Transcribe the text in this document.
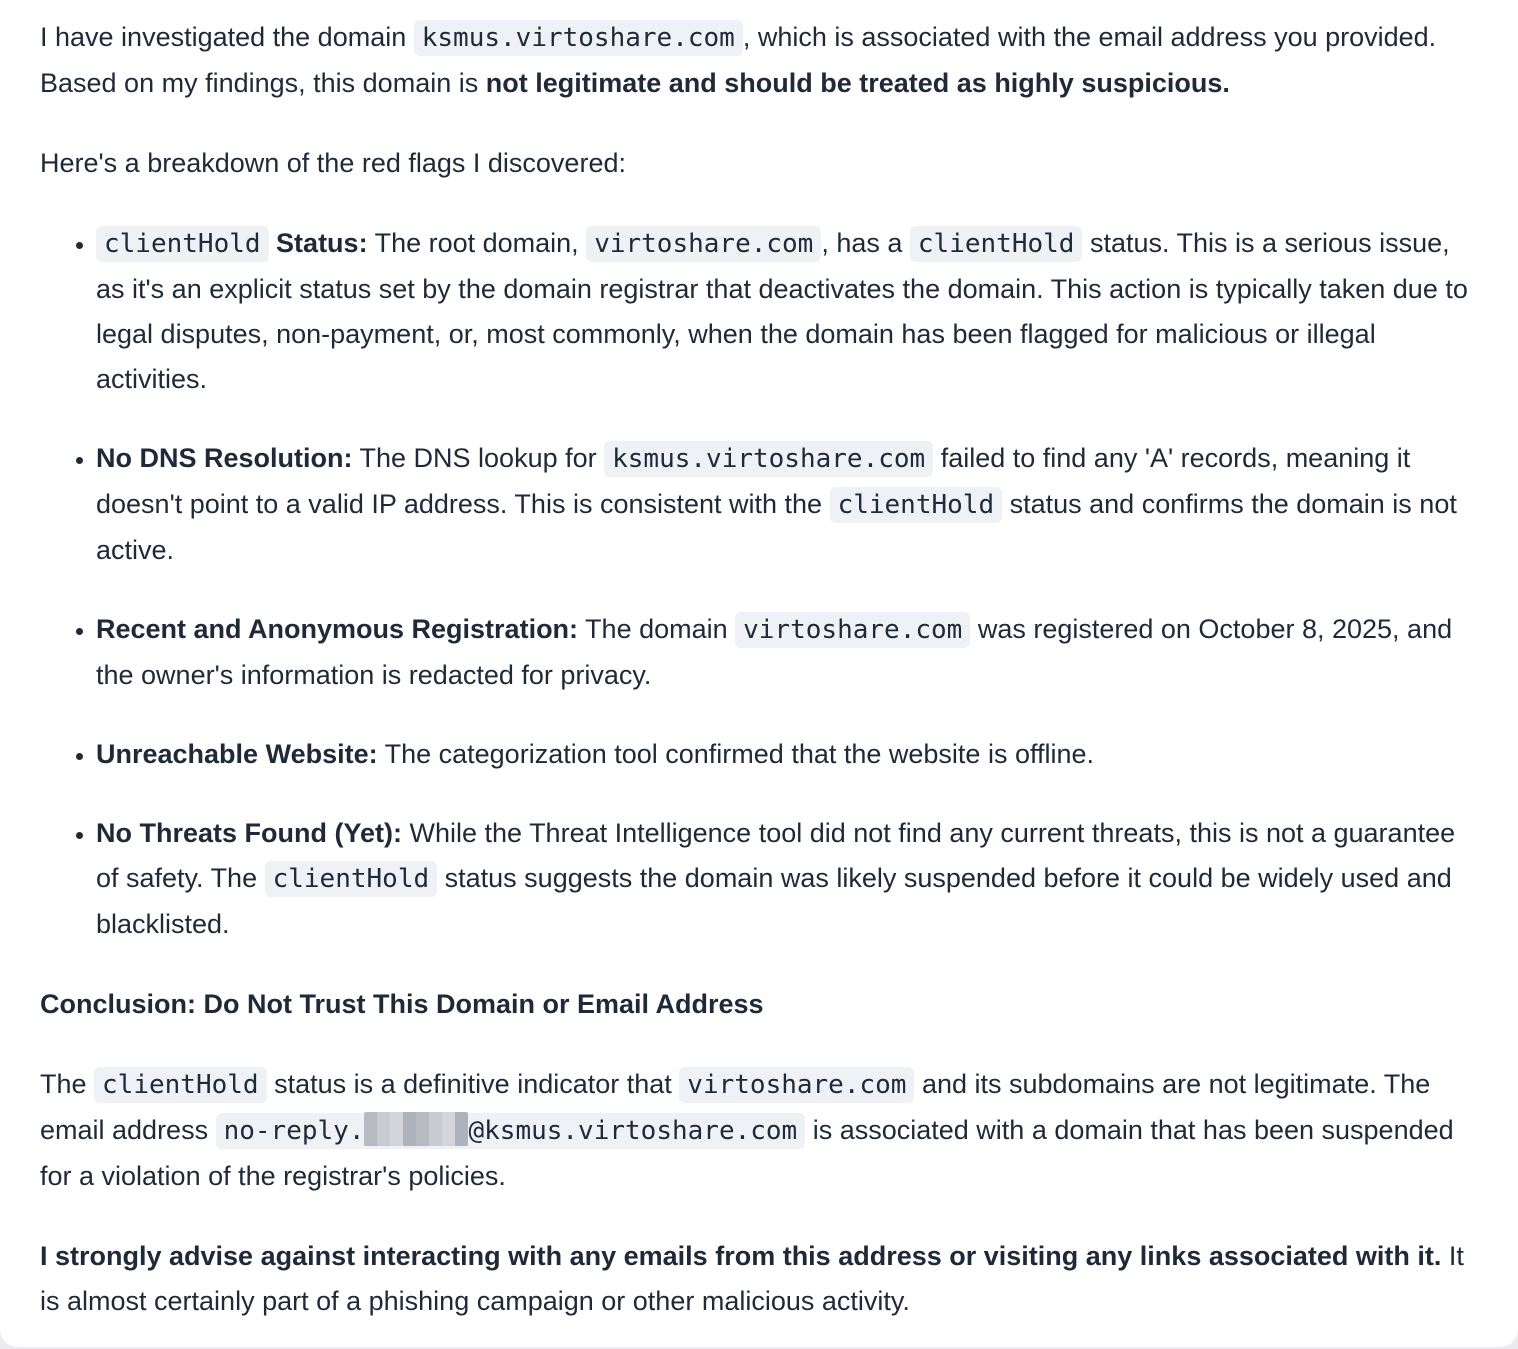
I have investigated the domain ksmus.virtoshare.com , which is associated with the email address you provided. Based on my findings, this domain is not legitimate and should be treated as highly suspicious.

Here's a breakdown of the red flags I discovered:

• clientHold Status: The root domain, virtoshare.com , has a clientHold status. This is a serious issue, as it's an explicit status set by the domain registrar that deactivates the domain. This action is typically taken due to legal disputes, non-payment, or, most commonly, when the domain has been flagged for malicious or illegal activities.
• No DNS Resolution: The DNS lookup for ksmus.virtoshare.com failed to find any 'A' records, meaning it doesn't point to a valid IP address. This is consistent with the clientHold status and confirms the domain is not active.
• Recent and Anonymous Registration: The domain virtoshare.com was registered on October 8, 2025, and the owner's information is redacted for privacy.
• Unreachable Website: The categorization tool confirmed that the website is offline.
• No Threats Found (Yet): While the Threat Intelligence tool did not find any current threats, this is not a guarantee of safety. The clientHold status suggests the domain was likely suspended before it could be widely used and blacklisted.

Conclusion: Do Not Trust This Domain or Email Address

The clientHold status is a definitive indicator that virtoshare.com and its subdomains are not legitimate. The email address no-reply.	@ksmus.virtoshare.com is associated with a domain that has been suspended for a violation of the registrar's policies.

I strongly advise against interacting with any emails from this address or visiting any links associated with it. It is almost certainly part of a phishing campaign or other malicious activity.
